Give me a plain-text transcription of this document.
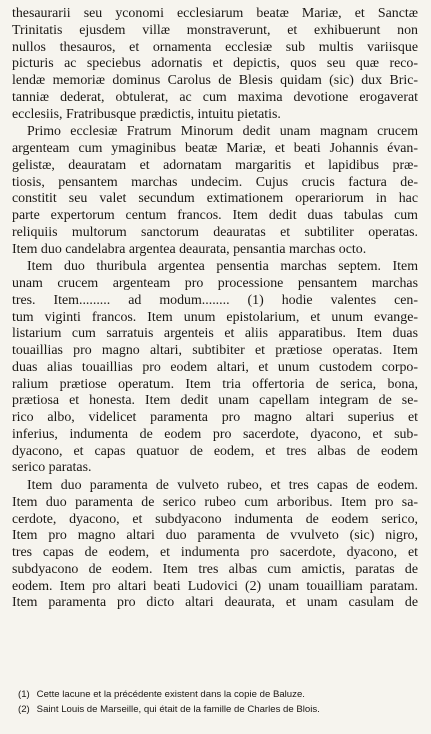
thesaurarii seu yconomi ecclesiarum beatæ Mariæ, et Sanctæ
Trinitatis ejusdem villæ monstraverunt, et exhibuerunt non
nullos thesauros, et ornamenta ecclesiæ sub multis variisque
picturis ac speciebus adornatis et depictis, quos seu quæ reco-
lendæ memoriæ dominus Carolus de Blesis quidam (sic) dux Bric-
tanniæ dederat, obtulerat, ac cum maxima devotione erogaverat
ecclesiis, Fratribusque prædictis, intuitu pietatis.
Primo ecclesiæ Fratrum Minorum dedit unam magnam crucem
argenteam cum ymaginibus beatæ Mariæ, et beati Johannis évan-
gelistæ, deauratam et adornatam margaritis et lapidibus præ-
tiosis, pensantem marchas undecim. Cujus crucis factura de-
constitit seu valet secundum extimationem operariorum in hac
parte expertorum centum francos. Item dedit duas tabulas cum
reliquiis multorum sanctorum deauratas et subtiliter operatas.
Item duo candelabra argentea deaurata, pensantia marchas octo.
Item duo thuribula argentea pensentia marchas septem. Item
unam crucem argenteam pro processione pensantem marchas
tres. Item......... ad modum........ (1) hodie valentes cen-
tum viginti francos. Item unum epistolarium, et unum evange-
listarium cum sarratuis argenteis et aliis apparatibus. Item duas
touaillias pro magno altari, subtibiter et prætiose operatas. Item
duas alias touaillias pro eodem altari, et unum custodem corpo-
ralium prætiose operatum. Item tria offertoria de serica, bona,
prætiosa et honesta. Item dedit unam capellam integram de se-
rico albo, videlicet paramenta pro magno altari superius et
inferius, indumenta de eodem pro sacerdote, dyacono, et sub-
dyacono, et capas quatuor de eodem, et tres albas de eodem
serico paratas.
Item duo paramenta de vulveto rubeo, et tres capas de eodem.
Item duo paramenta de serico rubeo cum arboribus. Item pro sa-
cerdote, dyacono, et subdyacono indumenta de eodem serico,
Item pro magno altari duo paramenta de vvulveto (sic) nigro,
tres capas de eodem, et indumenta pro sacerdote, dyacono, et
subdyacono de eodem. Item tres albas cum amictis, paratas de
eodem. Item pro altari beati Ludovici (2) unam touailliam paratam.
Item paramenta pro dicto altari deaurata, et unam casulam de
(1) Cette lacune et la précédente existent dans la copie de Baluze.
(2) Saint Louis de Marseille, qui était de la famille de Charles de Blois.
